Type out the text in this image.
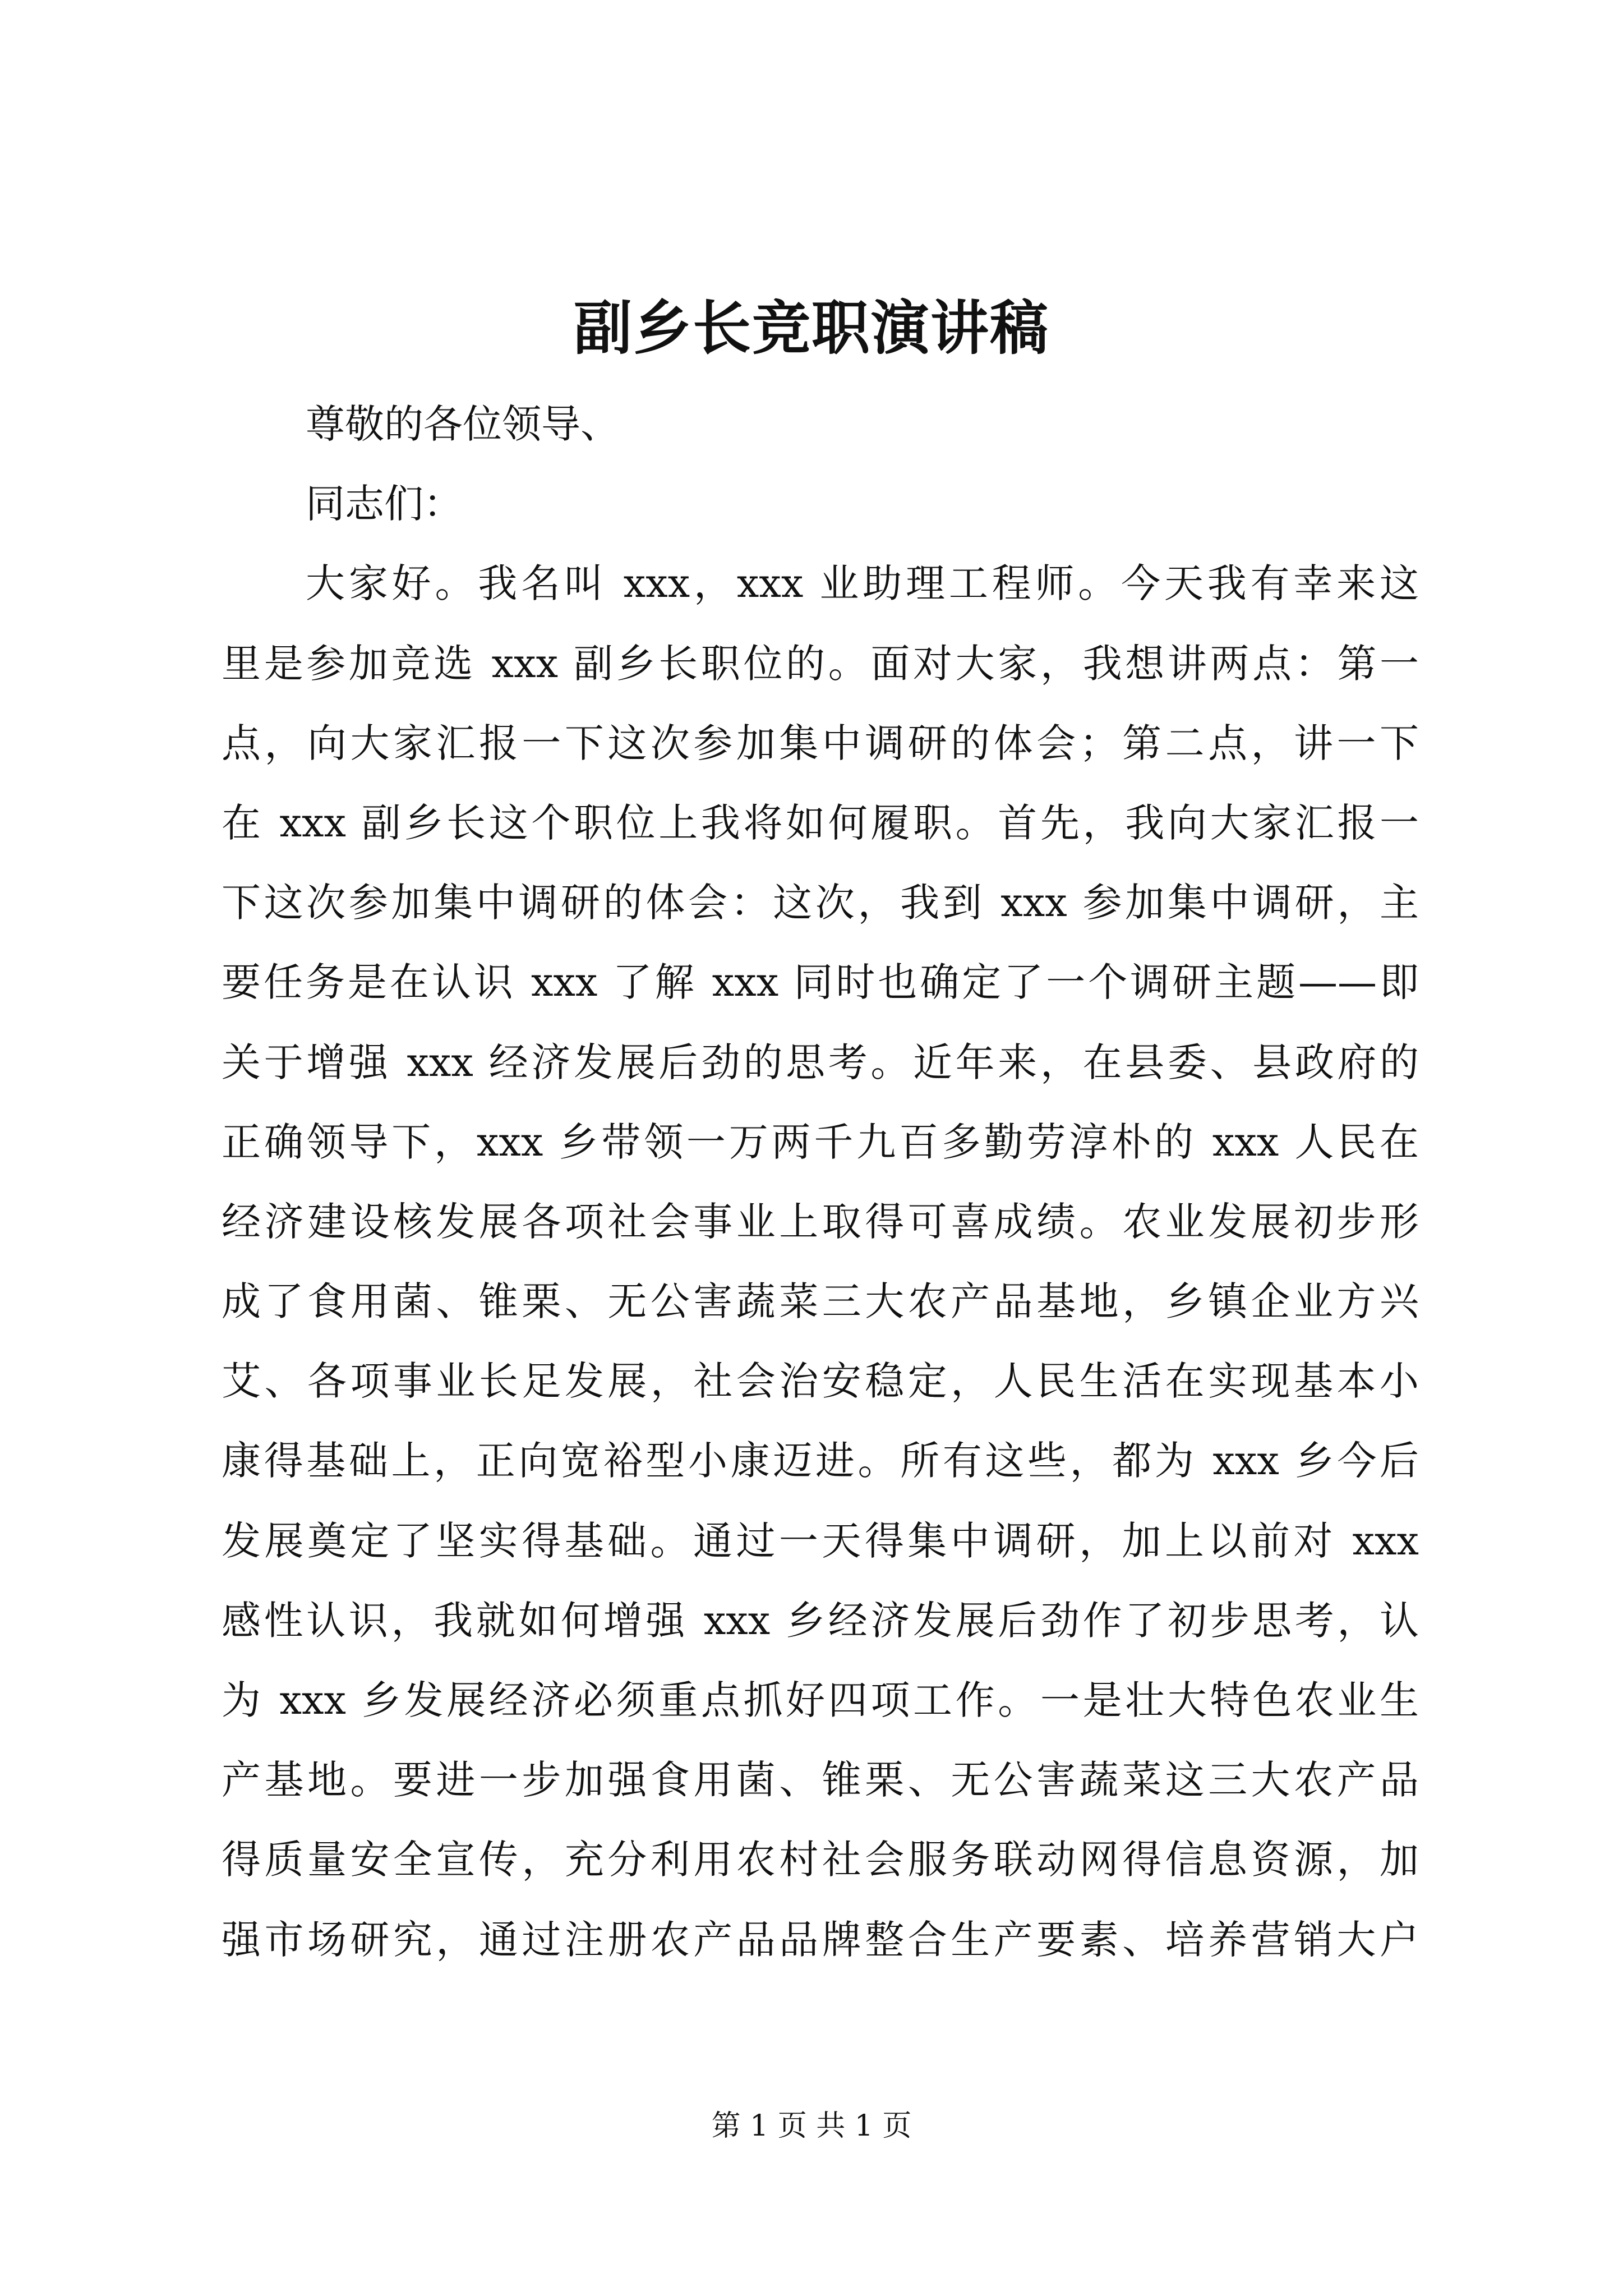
副乡长竞职演讲稿
尊敬的各位领导、
同志们：
大家好。我名叫 xxx，xxx 业助理工程师。今天我有幸来这
里是参加竞选 xxx 副乡长职位的。面对大家，我想讲两点：第一
点，向大家汇报一下这次参加集中调研的体会；第二点，讲一下
在 xxx 副乡长这个职位上我将如何履职。首先，我向大家汇报一
下这次参加集中调研的体会：这次，我到 xxx 参加集中调研，主
要任务是在认识 xxx 了解 xxx 同时也确定了一个调研主题——即
关于增强 xxx 经济发展后劲的思考。近年来，在县委、县政府的
正确领导下，xxx 乡带领一万两千九百多勤劳淳朴的 xxx 人民在
经济建设核发展各项社会事业上取得可喜成绩。农业发展初步形
成了食用菌、锥栗、无公害蔬菜三大农产品基地，乡镇企业方兴
艾、各项事业长足发展，社会治安稳定，人民生活在实现基本小
康得基础上，正向宽裕型小康迈进。所有这些，都为 xxx 乡今后
发展奠定了坚实得基础。通过一天得集中调研，加上以前对 xxx
感性认识，我就如何增强 xxx 乡经济发展后劲作了初步思考，认
为 xxx 乡发展经济必须重点抓好四项工作。一是壮大特色农业生
产基地。要进一步加强食用菌、锥栗、无公害蔬菜这三大农产品
得质量安全宣传，充分利用农村社会服务联动网得信息资源，加
强市场研究，通过注册农产品品牌整合生产要素、培养营销大户
第 1 页 共 1 页
